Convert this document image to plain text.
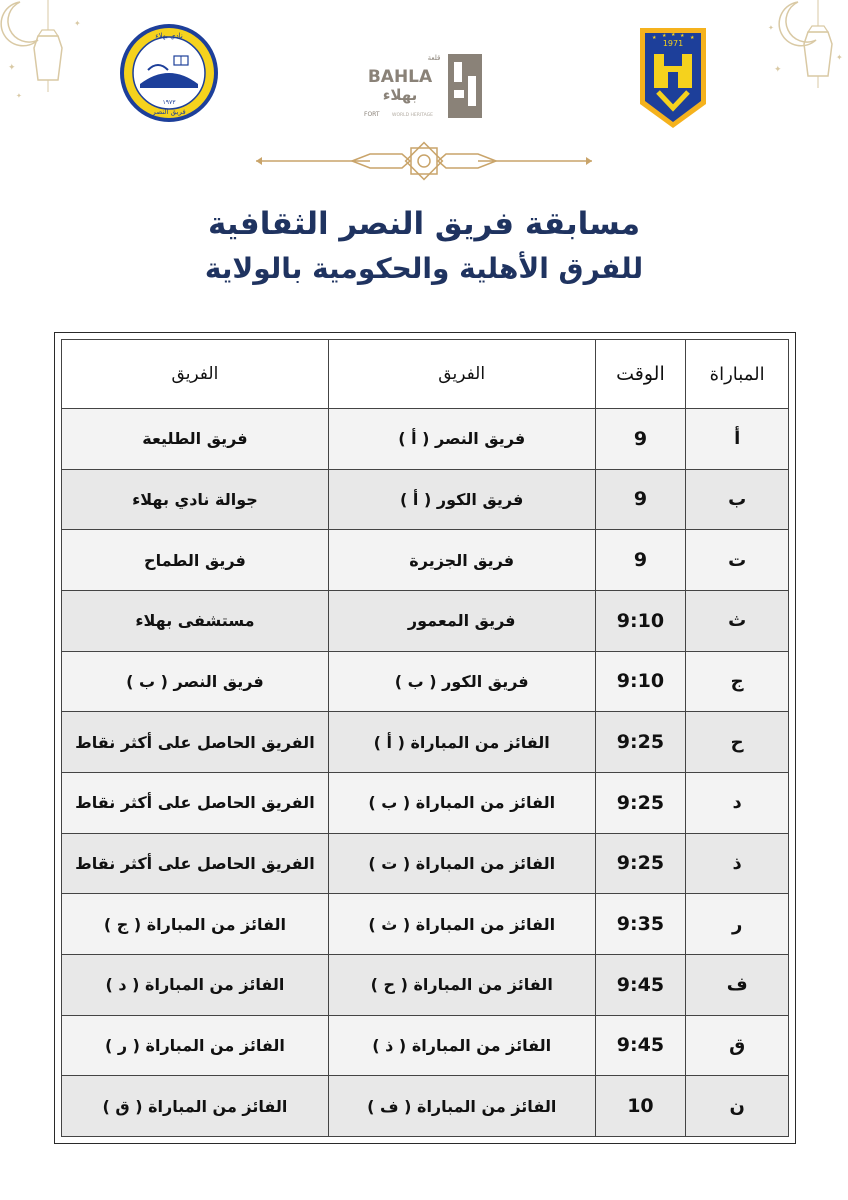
✦
✦
✦
✦
✦
✦
نادي بهلاء
فريق النصر
١٩٧٣
BAHLA
بهلاء
قلعة
FORT	WORLD HERITAGE
1971
★ ★ ★ ★ ★
مسابقة فريق النصر الثقافية
للفرق الأهلية والحكومية بالولاية
المباراة	الوقت	الفريق	الفريق
أ	9	فريق النصر ( أ )	فريق الطليعة
ب	9	فريق الكور ( أ )	جوالة نادي بهلاء
ت	9	فريق الجزيرة	فريق الطماح
ث	9:10	فريق المعمور	مستشفى بهلاء
ج	9:10	فريق الكور ( ب )	فريق النصر ( ب )
ح	9:25	الفائز من المباراة ( أ )	الفريق الحاصل على أكثر نقاط
د	9:25	الفائز من المباراة ( ب )	الفريق الحاصل على أكثر نقاط
ذ	9:25	الفائز من المباراة ( ت )	الفريق الحاصل على أكثر نقاط
ر	9:35	الفائز من المباراة ( ث )	الفائز من المباراة ( ج )
ف	9:45	الفائز من المباراة ( ح )	الفائز من المباراة ( د )
ق	9:45	الفائز من المباراة ( ذ )	الفائز من المباراة ( ر )
ن	10	الفائز من المباراة ( ف )	الفائز من المباراة ( ق )
